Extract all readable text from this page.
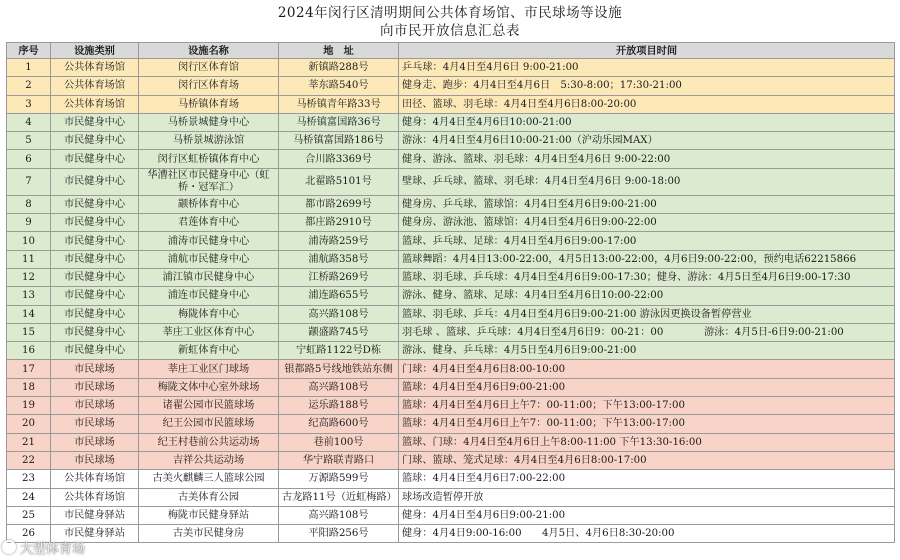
2024年闵行区清明期间公共体育场馆、市民球场等设施
向市民开放信息汇总表
序号	设施类别	设施名称	地　址	开放项目时间
1	公共体育场馆	闵行区体育馆	新镇路288号	乒乓球：4月4日至4月6日 9:00-21:00
2	公共体育场馆	闵行区体育场	莘东路540号	健身走、跑步：4月4日至4月6日　5:30-8:00；17:30-21:00
3	公共体育场馆	马桥镇体育场	马桥镇青年路33号	田径、篮球、羽毛球：4月4日至4月6日8:00-20:00
4	市民健身中心	马桥景城健身中心	马桥镇富国路36号	健身：4月4日至4月6日10:00-21:00
5	市民健身中心	马桥景城游泳馆	马桥镇富国路186号	游泳：4月4日至4月6日10:00-21:00（沪动乐园MAX）
6	市民健身中心	闵行区虹桥镇体育中心	合川路3369号	健身、游泳、篮球、羽毛球：4月4日至4月6日 9:00-22:00
7	市民健身中心	华漕社区市民健身中心（虹桥・冠军汇）	北翟路5101号	壁球、乒乓球、篮球、羽毛球：4月4日至4月6日 9:00-18:00
8	市民健身中心	颛桥体育中心	都市路2699号	健身房、乒乓球、篮球馆：4月4日至4月6日9:00-21:00
9	市民健身中心	君莲体育中心	都庄路2910号	健身房、游泳池、篮球馆：4月4日至4月6日9:00-22:00
10	市民健身中心	浦涛市民健身中心	浦涛路259号	篮球、乒乓球、足球：4月4日至4月6日9:00-17:00
11	市民健身中心	浦航市民健身中心	浦航路358号	篮球舞蹈：4月4日13:00-22:00，4月5日13:00-22:00，4月6日9:00-22:00，预约电话62215866
12	市民健身中心	浦江镇市民健身中心	江桥路269号	篮球、羽毛球、乒乓球：4月4日至4月6日9:00-17:30；健身、游泳：4月5日至4月6日9:00-17:30
13	市民健身中心	浦连市民健身中心	浦连路655号	游泳、健身、篮球、足球：4月4日至4月6日10:00-22:00
14	市民健身中心	梅陇体育中心	高兴路108号	篮球、羽毛球、乒乓：4月4日至4月6日9:00-21:00 游泳因更换设备暂停营业
15	市民健身中心	莘庄工业区体育中心	颛盛路745号	羽毛球 、篮球、乒乓球：4月4日至4月6日9：00-21：00　　　　游泳：4月5日-6日9:00-21:00
16	市民健身中心	新虹体育中心	宁虹路1122号D栋	游泳、健身、乒乓球：4月5日至4月6日9:00-21:00
17	市民球场	莘庄工业区门球场	银都路5号线地铁站东侧	门球：4月4日至4月6日8:00-10:00
18	市民球场	梅陇文体中心室外球场	高兴路108号	篮球：4月4日至4月6日9:00-21:00
19	市民球场	诸翟公园市民篮球场	运乐路188号	篮球：4月4日至4月6日上午7：00-11:00；下午13:00-17:00
20	市民球场	纪王公园市民篮球场	纪高路600号	篮球：4月4日至4月6日上午7：00-11:00；下午13:00-17:00
21	市民球场	纪王村巷前公共运动场	巷前100号	篮球、门球：4月4日至4月6日上午8:00-11:00 下午13:30-16:00
22	市民球场	吉祥公共运动场	华宁路联青路口	门球、篮球、笼式足球：4月4日至4月6日8:00-17:00
23	公共体育场馆	古美火麒麟三人篮球公园	万源路599号	篮球：4月4日至4月6日7:00-22:00
24	公共体育场馆	古美体育公园	古龙路11号（近虹梅路）	球场改造暂停开放
25	市民健身驿站	梅陇市民健身驿站	高兴路108号	健身：4月4日至4月6日9:00-21:00
26	市民健身驿站	古美市民健身房	平阳路256号	健身：4月4日9:00-16:00　　4月5日、4月6日8:30-20:00
大型体育场
